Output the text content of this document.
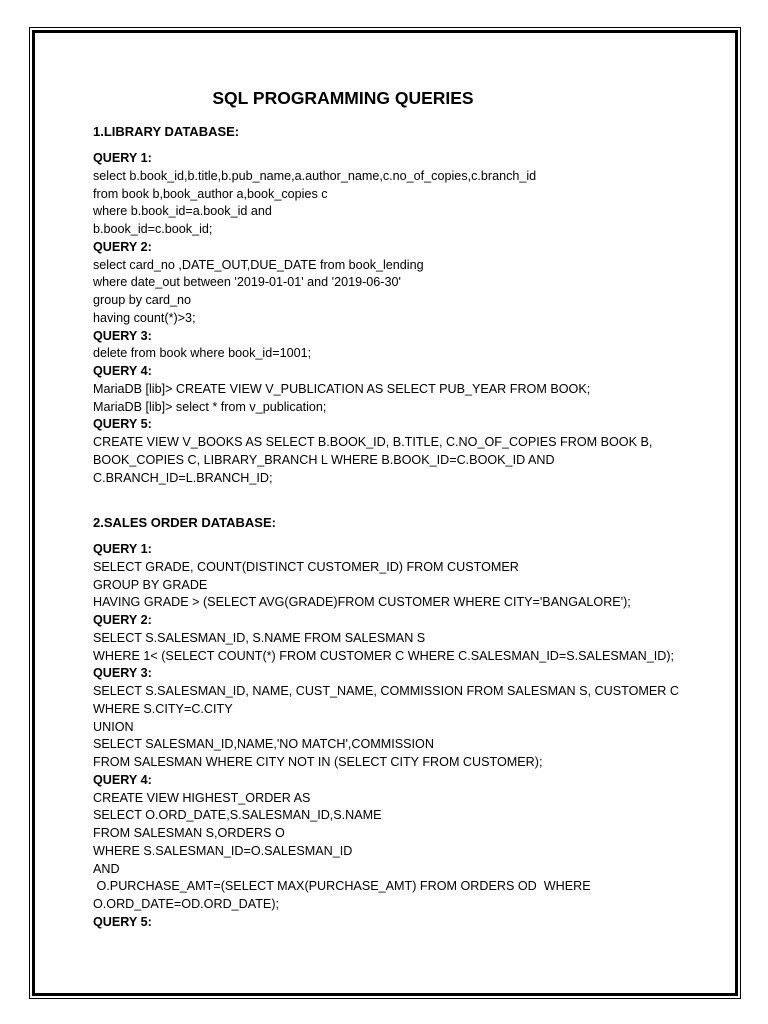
SQL PROGRAMMING QUERIES
1.LIBRARY DATABASE:
QUERY 1:
select b.book_id,b.title,b.pub_name,a.author_name,c.no_of_copies,c.branch_id
from book b,book_author a,book_copies c
where b.book_id=a.book_id and
b.book_id=c.book_id;
QUERY 2:
select card_no ,DATE_OUT,DUE_DATE from book_lending
where date_out between '2019-01-01' and '2019-06-30'
group by card_no
having count(*)>3;
QUERY 3:
delete from book where book_id=1001;
QUERY 4:
MariaDB [lib]> CREATE VIEW V_PUBLICATION AS SELECT PUB_YEAR FROM BOOK;
MariaDB [lib]> select * from v_publication;
QUERY 5:
CREATE VIEW V_BOOKS AS SELECT B.BOOK_ID, B.TITLE, C.NO_OF_COPIES FROM BOOK B,
BOOK_COPIES C, LIBRARY_BRANCH L WHERE B.BOOK_ID=C.BOOK_ID AND
C.BRANCH_ID=L.BRANCH_ID;
2.SALES ORDER DATABASE:
QUERY 1:
SELECT GRADE, COUNT(DISTINCT CUSTOMER_ID) FROM CUSTOMER
GROUP BY GRADE
HAVING GRADE > (SELECT AVG(GRADE)FROM CUSTOMER WHERE CITY='BANGALORE');
QUERY 2:
SELECT S.SALESMAN_ID, S.NAME FROM SALESMAN S
WHERE 1< (SELECT COUNT(*) FROM CUSTOMER C WHERE C.SALESMAN_ID=S.SALESMAN_ID);
QUERY 3:
SELECT S.SALESMAN_ID, NAME, CUST_NAME, COMMISSION FROM SALESMAN S, CUSTOMER C
WHERE S.CITY=C.CITY
UNION
SELECT SALESMAN_ID,NAME,'NO MATCH',COMMISSION
FROM SALESMAN WHERE CITY NOT IN (SELECT CITY FROM CUSTOMER);
QUERY 4:
CREATE VIEW HIGHEST_ORDER AS
SELECT O.ORD_DATE,S.SALESMAN_ID,S.NAME
FROM SALESMAN S,ORDERS O
WHERE S.SALESMAN_ID=O.SALESMAN_ID
AND
O.PURCHASE_AMT=(SELECT MAX(PURCHASE_AMT) FROM ORDERS OD  WHERE
O.ORD_DATE=OD.ORD_DATE);
QUERY 5:
